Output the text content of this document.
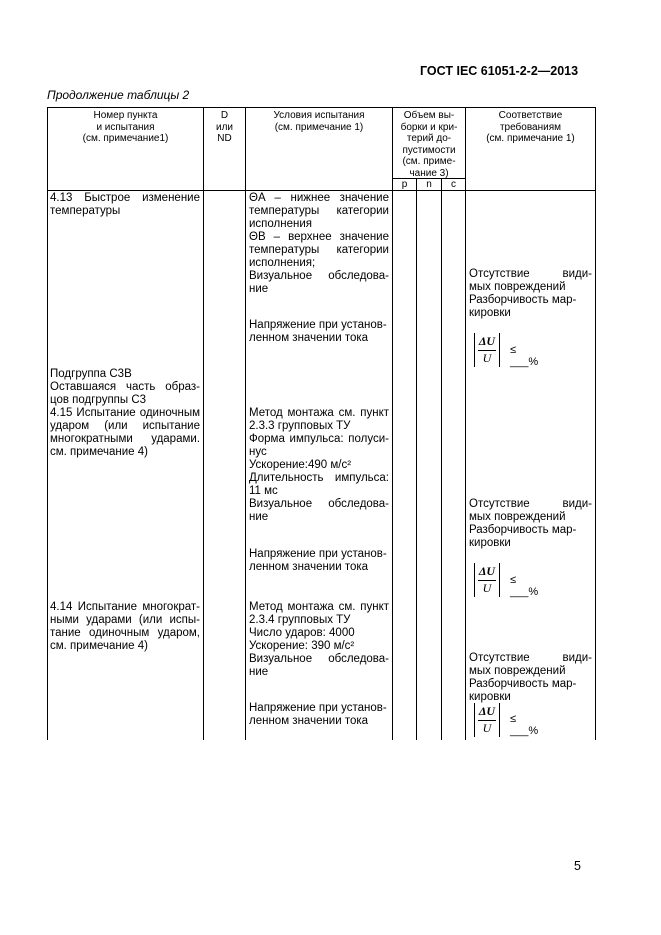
ГОСТ IEC 61051-2-2—2013
Продолжение таблицы 2
Номер пункта
и испытания
(см. примечание1)
D
или
ND
Условия испытания
(см. примечание 1)
Объем вы-
борки и кри-
терий до-
пустимости
(см. приме-
чание 3)
p	n	c
Соответствие
требованиям
(см. примечание 1)
4.13 Быстрое изменение
температуры
ΘA – нижнее значение
температуры категории
исполнения
ΘB – верхнее значение
температуры категории
исполнения;
Визуальное обследова-
ние
Напряжение при установ-
ленном значении тока
Отсутствие види-
мых повреждений
Разборчивость мар-
кировки
ΔU
U
≤ ___%
Подгруппа С3В
Оставшаяся часть образ-
цов подгруппы С3
4.15 Испытание одиночным
ударом (или испытание
многократными ударами.
см. примечание 4)
Метод монтажа см. пункт
2.3.3 групповых ТУ
Форма импульса: полуси-
нус
Ускорение:490 м/с²
Длительность импульса:
11 мс
Визуальное обследова-
ние
Напряжение при установ-
ленном значении тока
Отсутствие види-
мых повреждений
Разборчивость мар-
кировки
ΔU
U
≤ ___%
4.14 Испытание многократ-
ными ударами (или испы-
тание одиночным ударом,
см. примечание 4)
Метод монтажа см. пункт
2.3.4 групповых ТУ
Число ударов: 4000
Ускорение: 390 м/с²
Визуальное обследова-
ние
Напряжение при установ-
ленном значении тока
Отсутствие види-
мых повреждений
Разборчивость мар-
кировки
ΔU
U
≤ ___%
5
